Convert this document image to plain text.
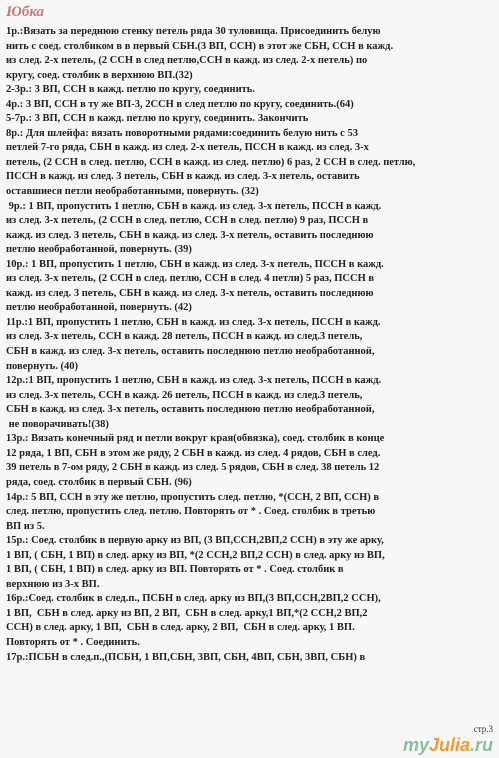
Юбка
1р.:Вязать за переднюю стенку петель ряда 30 туловища. Присоединить белую
нить с соед. столбиком в в первый СБН.(3 ВП, ССН) в этот же СБН, ССН в кажд.
из след. 2-х петель, (2 ССН в след петлю,ССН в кажд. из след. 2-х петель) по
кругу, соед. столбик в верхнюю ВП.(32)
2-3р.: 3 ВП, ССН в кажд. петлю по кругу, соединить.
4р.: 3 ВП, ССН в ту же ВП-3, 2ССН в след петлю по кругу, соединить.(64)
5-7р.: 3 ВП, ССН в кажд. петлю по кругу, соединить. Закончить
8р.: Для шлейфа: вязать поворотными рядами:соединить белую нить с 53
петлей 7-го ряда, СБН в кажд. из след. 2-х петель, ПССН в кажд. из след. 3-х
петель, (2 ССН в след. петлю, ССН в кажд. из след. петлю) 6 раз, 2 ССН в след. петлю,
ПССН в кажд. из след. 3 петель, СБН в кажд. из след. 3-х петель, оставить
оставшиеся петли необработанными, повернуть. (32)
9р.: 1 ВП, пропустить 1 петлю, СБН в кажд. из след. 3-х петель, ПССН в кажд.
из след. 3-х петель, (2 ССН в след. петлю, ССН в след. петлю) 9 раз, ПССН в
кажд. из след. 3 петель, СБН в кажд. из след. 3-х петель, оставить последнюю
петлю необработанной, повернуть. (39)
10р.: 1 ВП, пропустить 1 петлю, СБН в кажд. из след. 3-х петель, ПССН в кажд.
из след. 3-х петель, (2 ССН в след. петлю, ССН в след. 4 петли) 5 раз, ПССН в
кажд. из след. 3 петель, СБН в кажд. из след. 3-х петель, оставить последнюю
петлю необработанной, повернуть. (42)
11р.:1 ВП, пропустить 1 петлю, СБН в кажд. из след. 3-х петель, ПССН в кажд.
из след. 3-х петель, ССН в кажд. 28 петель, ПССН в кажд. из след.3 петель,
СБН в кажд. из след. 3-х петель, оставить последнюю петлю необработанной,
повернуть. (40)
12р.:1 ВП, пропустить 1 петлю, СБН в кажд. из след. 3-х петель, ПССН в кажд.
из след. 3-х петель, ССН в кажд. 26 петель, ПССН в кажд. из след.3 петель,
СБН в кажд. из след. 3-х петель, оставить последнюю петлю необработанной,
не поворачивать!(38)
13р.: Вязать конечный ряд и петли вокруг края(обвязка), соед. столбик в конце
12 ряда, 1 ВП, СБН в этом же ряду, 2 СБН в кажд. из след. 4 рядов, СБН в след.
39 петель в 7-ом ряду, 2 СБН в кажд. из след. 5 рядов, СБН в след. 38 петель 12
ряда, соед. столбик в первый СБН. (96)
14р.: 5 ВП, ССН в эту же петлю, пропустить след. петлю, *(ССН, 2 ВП, ССН) в
след. петлю, пропустить след. петлю. Повторять от * . Соед. столбик в третью
ВП из 5.
15р.: Соед. столбик в первую арку из ВП, (3 ВП,ССН,2ВП,2 ССН) в эту же арку,
1 ВП, ( СБН, 1 ВП) в след. арку из ВП, *(2 ССН,2 ВП,2 ССН) в след. арку из ВП,
1 ВП, ( СБН, 1 ВП) в след. арку из ВП. Повторять от * . Соед. столбик в
верхнюю из 3-х ВП.
16р.:Соед. столбик в след.п., ПСБН в след. арку из ВП,(3 ВП,ССН,2ВП,2 ССН),
1 ВП,  СБН в след. арку из ВП, 2 ВП,  СБН в след. арку,1 ВП,*(2 ССН,2 ВП,2
ССН) в след. арку, 1 ВП,  СБН в след. арку, 2 ВП,  СБН в след. арку, 1 ВП.
Повторять от * . Соединить.
17р.:ПСБН в след.п.,(ПСБН, 1 ВП,СБН, 3ВП, СБН, 4ВП, СБН, 3ВП, СБН) в
myJulia.ru
стр.3
